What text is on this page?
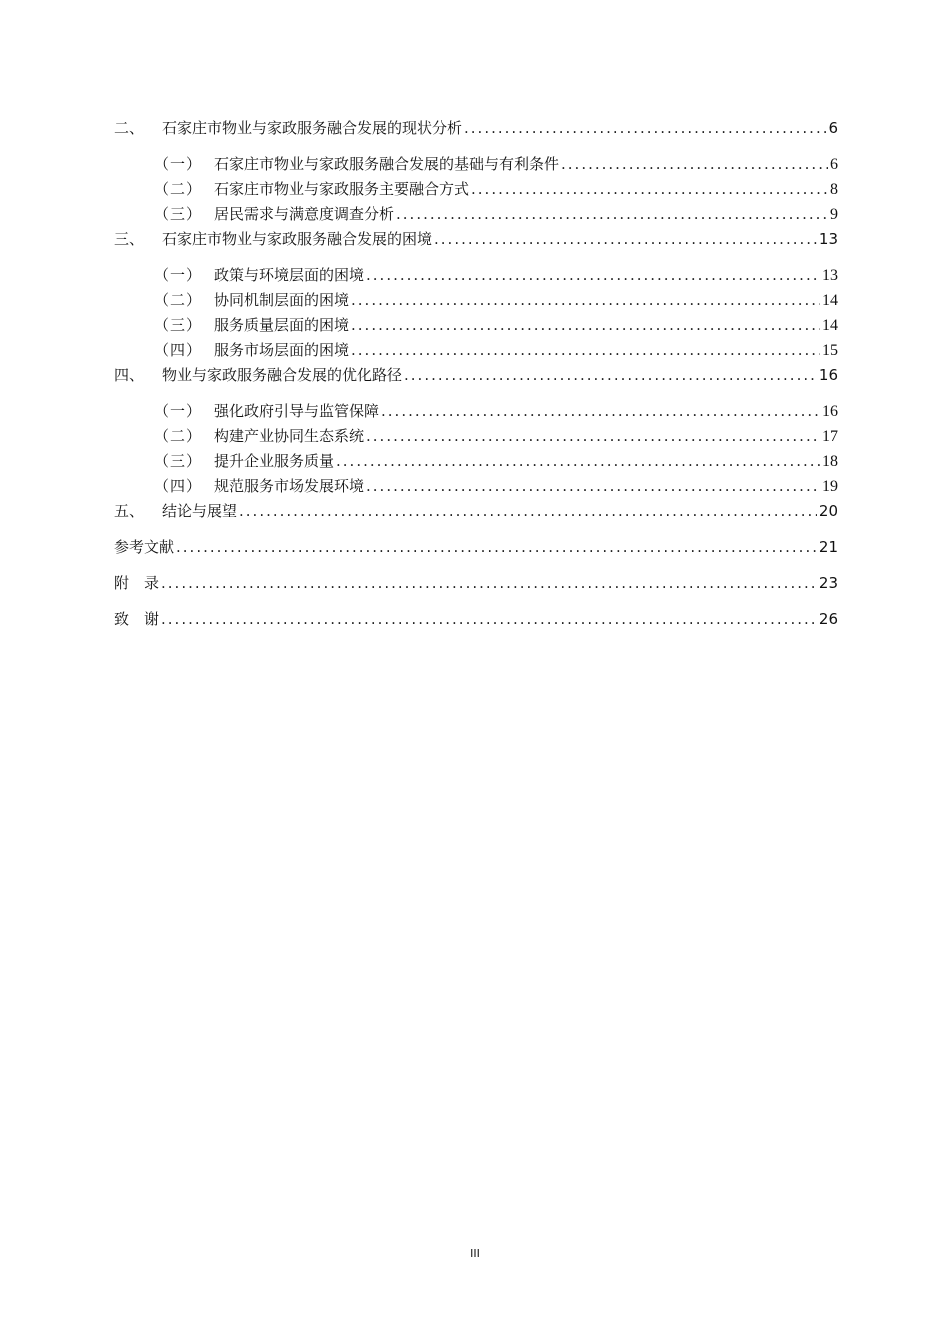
二、	石家庄市物业与家政服务融合发展的现状分析 .....	6
（一） 石家庄市物业与家政服务融合发展的基础与有利条件 .....	6
（二） 石家庄市物业与家政服务主要融合方式 .....	8
（三） 居民需求与满意度调查分析 .....	9
三、	石家庄市物业与家政服务融合发展的困境 .....	13
（一） 政策与环境层面的困境 .....	13
（二） 协同机制层面的困境 .....	14
（三） 服务质量层面的困境 .....	14
（四） 服务市场层面的困境 .....	15
四、	物业与家政服务融合发展的优化路径 .....	16
（一） 强化政府引导与监管保障 .....	16
（二） 构建产业协同生态系统 .....	17
（三） 提升企业服务质量 .....	18
（四） 规范服务市场发展环境 .....	19
五、	结论与展望 .....	20
参考文献 .....	21
附　录 .....	23
致　谢 .....	26
III
